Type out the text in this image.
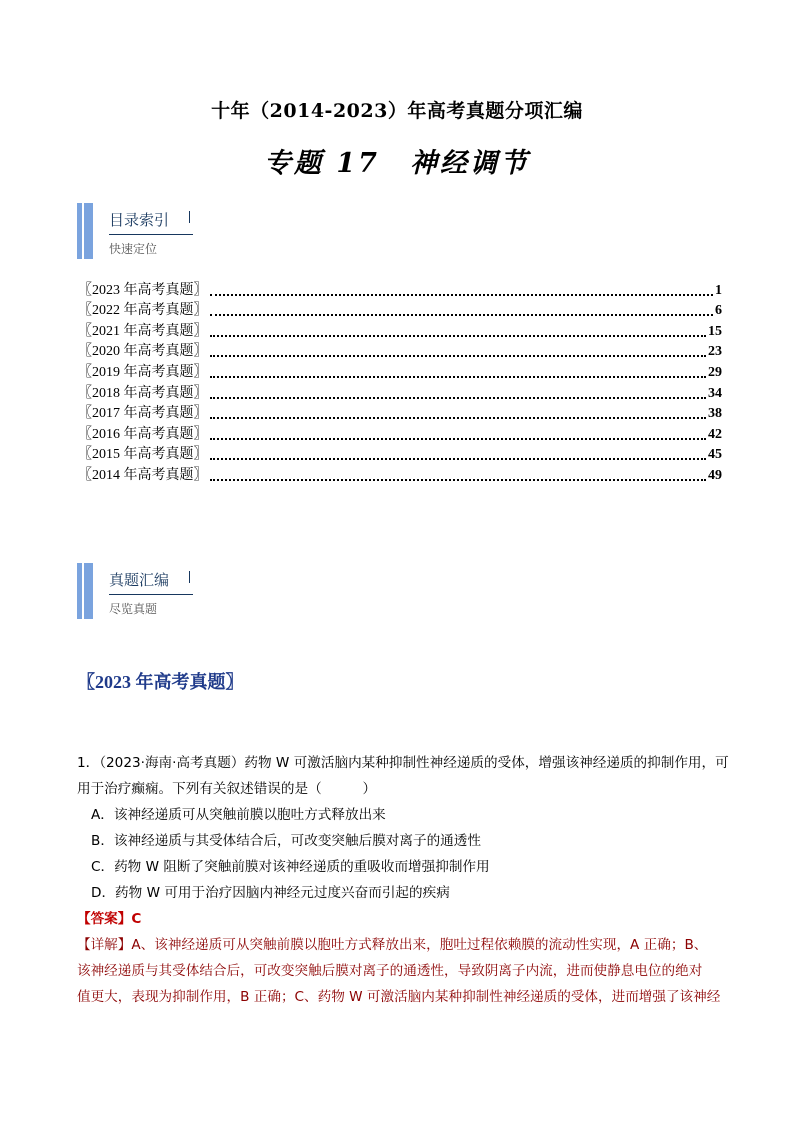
十年（2014-2023）年高考真题分项汇编
专题 17　神经调节
目录索引
快速定位
〖2023 年高考真题〗	1
〖2022 年高考真题〗	6
〖2021 年高考真题〗	15
〖2020 年高考真题〗	23
〖2019 年高考真题〗	29
〖2018 年高考真题〗	34
〖2017 年高考真题〗	38
〖2016 年高考真题〗	42
〖2015 年高考真题〗	45
〖2014 年高考真题〗	49
真题汇编
尽览真题
〖2023 年高考真题〗
1．（2023·海南·高考真题）药物 W 可激活脑内某种抑制性神经递质的受体，增强该神经递质的抑制作用，可
用于治疗癫痫。下列有关叙述错误的是（　　　）
A．该神经递质可从突触前膜以胞吐方式释放出来
B．该神经递质与其受体结合后，可改变突触后膜对离子的通透性
C．药物 W 阻断了突触前膜对该神经递质的重吸收而增强抑制作用
D．药物 W 可用于治疗因脑内神经元过度兴奋而引起的疾病
【答案】C
【详解】A、该神经递质可从突触前膜以胞吐方式释放出来，胞吐过程依赖膜的流动性实现，A 正确；B、
该神经递质与其受体结合后，可改变突触后膜对离子的通透性，导致阴离子内流，进而使静息电位的绝对
值更大，表现为抑制作用，B 正确；C、药物 W 可激活脑内某种抑制性神经递质的受体，进而增强了该神经
